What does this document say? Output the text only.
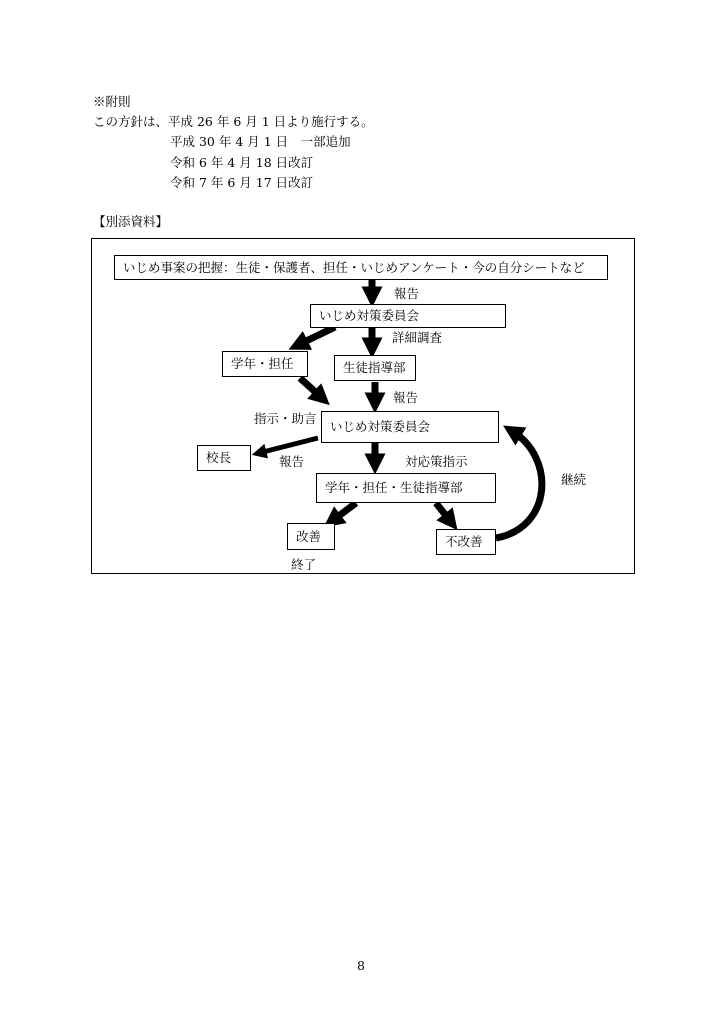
※附則
この方針は、平成 26 年 6 月 1 日より施行する。
平成 30 年 4 月 1 日　一部追加
令和 6 年 4 月 18 日改訂
令和 7 年 6 月 17 日改訂
【別添資料】
いじめ事案の把握：生徒・保護者、担任・いじめアンケート・今の自分シートなど
いじめ対策委員会
学年・担任	生徒指導部
いじめ対策委員会
校長
学年・担任・生徒指導部
改善	不改善
報告
詳細調査
報告
指示・助言
報告	対応策指示
継続
終了
8
